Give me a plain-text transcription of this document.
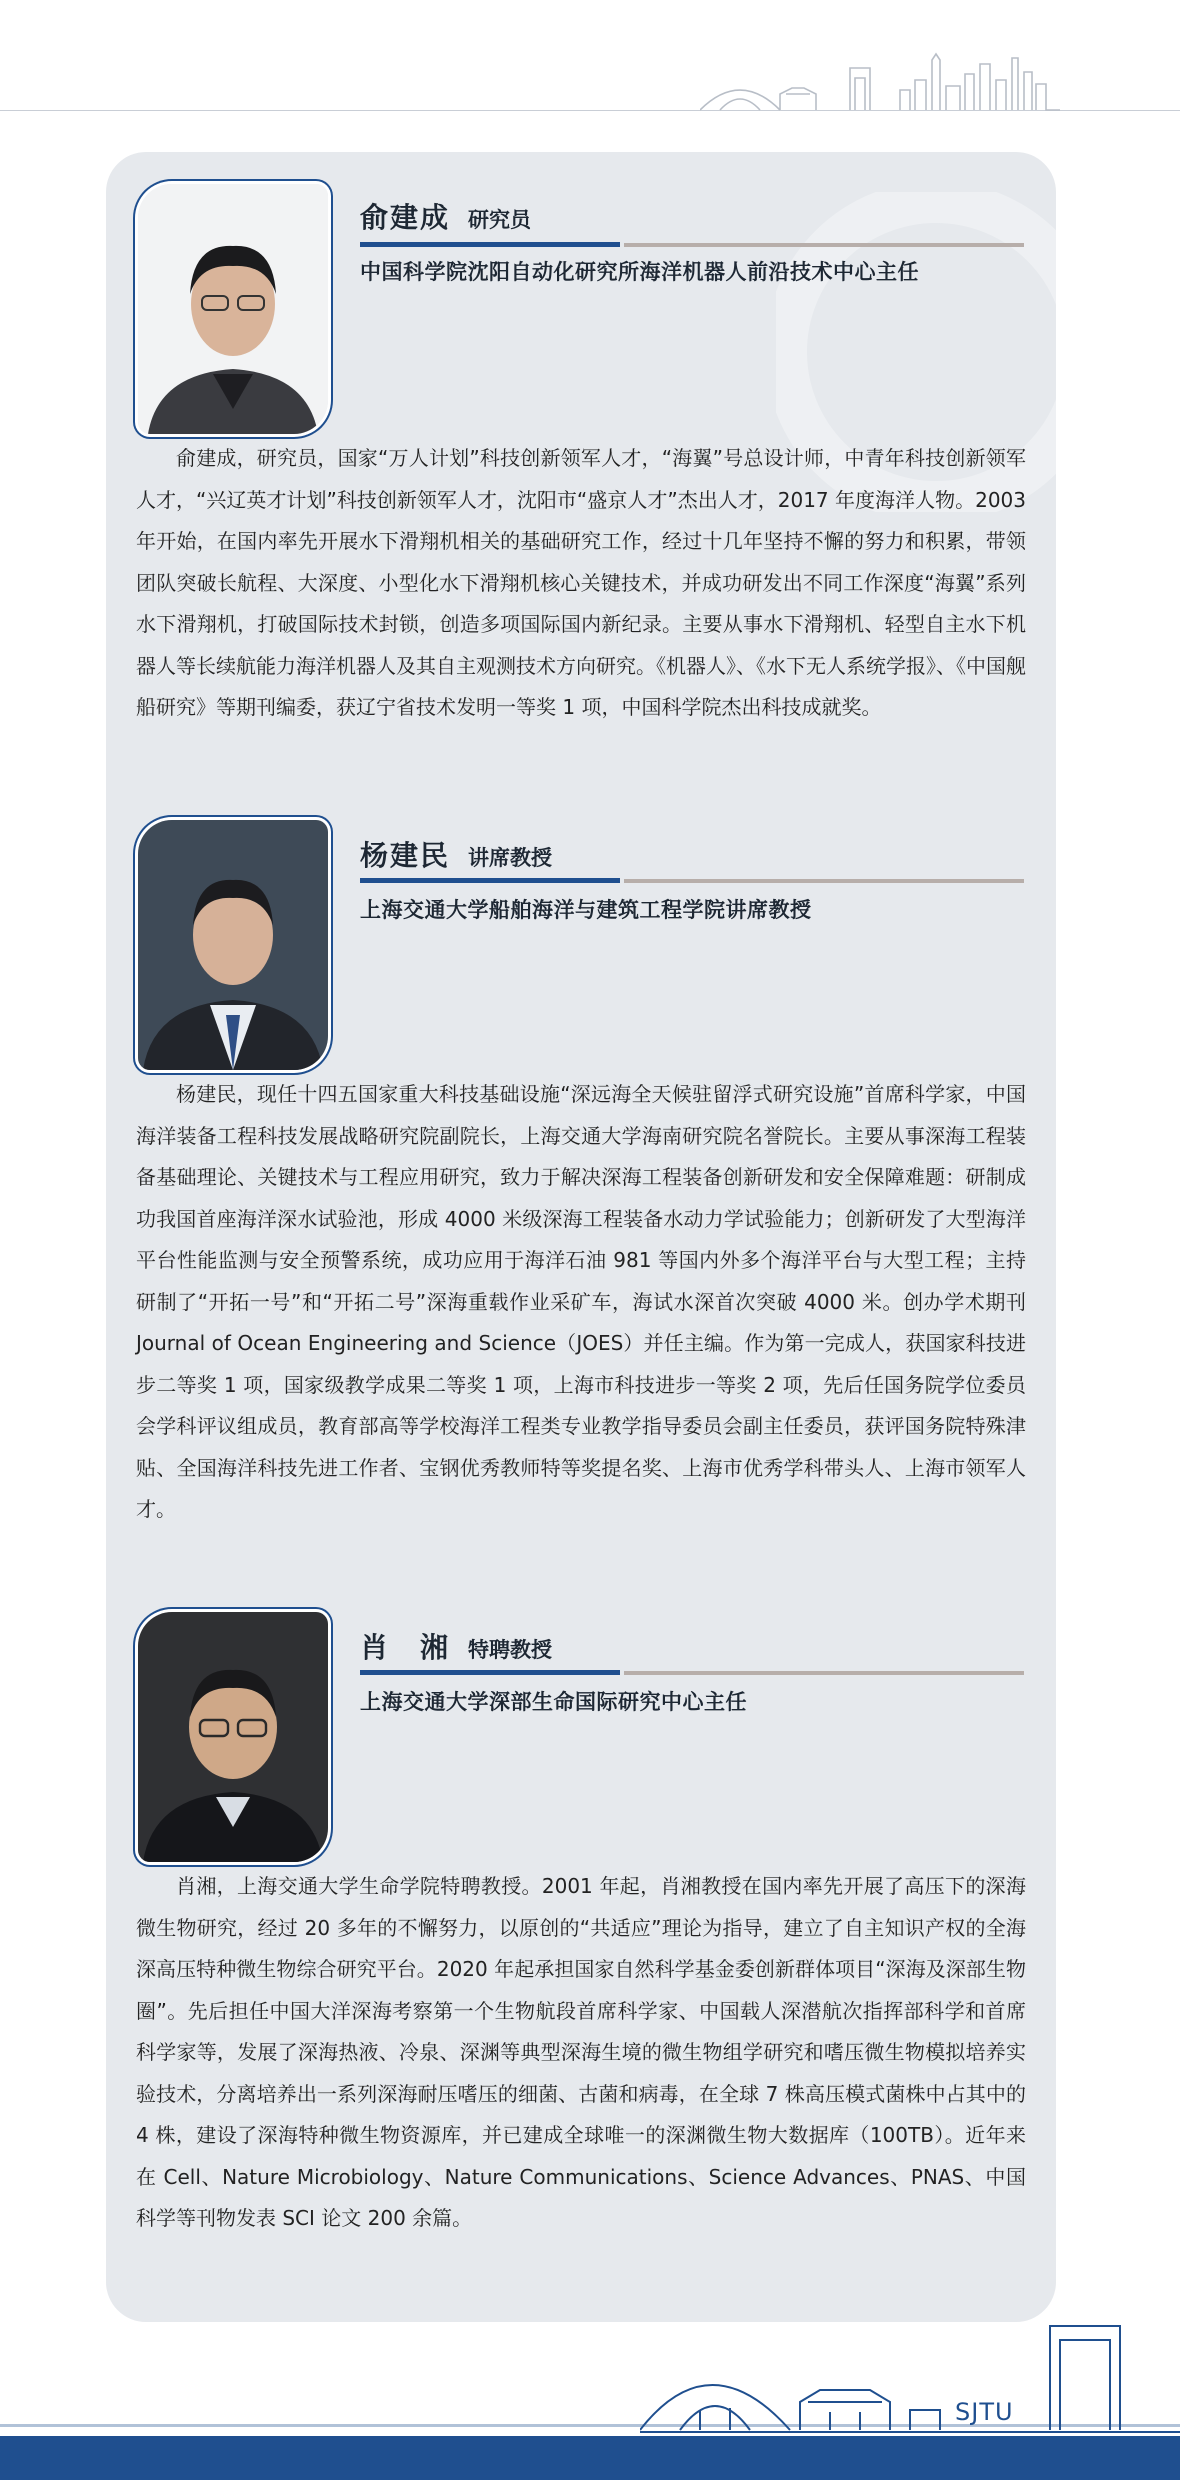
俞建成 研究员
中国科学院沈阳自动化研究所海洋机器人前沿技术中心主任

俞建成，研究员，国家“万人计划”科技创新领军人才，“海翼”号总设计师，中青年科技创新领军人才，“兴辽英才计划”科技创新领军人才，沈阳市“盛京人才”杰出人才，2017 年度海洋人物。2003 年开始，在国内率先开展水下滑翔机相关的基础研究工作，经过十几年坚持不懈的努力和积累，带领团队突破长航程、大深度、小型化水下滑翔机核心关键技术，并成功研发出不同工作深度“海翼”系列水下滑翔机，打破国际技术封锁，创造多项国际国内新纪录。主要从事水下滑翔机、轻型自主水下机器人等长续航能力海洋机器人及其自主观测技术方向研究。《机器人》、《水下无人系统学报》、《中国舰船研究》等期刊编委，获辽宁省技术发明一等奖 1 项，中国科学院杰出科技成就奖。

杨建民 讲席教授
上海交通大学船舶海洋与建筑工程学院讲席教授

杨建民，现任十四五国家重大科技基础设施“深远海全天候驻留浮式研究设施”首席科学家，中国海洋装备工程科技发展战略研究院副院长，上海交通大学海南研究院名誉院长。主要从事深海工程装备基础理论、关键技术与工程应用研究，致力于解决深海工程装备创新研发和安全保障难题：研制成功我国首座海洋深水试验池，形成 4000 米级深海工程装备水动力学试验能力；创新研发了大型海洋平台性能监测与安全预警系统，成功应用于海洋石油 981 等国内外多个海洋平台与大型工程；主持研制了“开拓一号”和“开拓二号”深海重载作业采矿车，海试水深首次突破 4000 米。创办学术期刊 Journal of Ocean Engineering and Science（JOES）并任主编。作为第一完成人，获国家科技进步二等奖 1 项，国家级教学成果二等奖 1 项，上海市科技进步一等奖 2 项，先后任国务院学位委员会学科评议组成员，教育部高等学校海洋工程类专业教学指导委员会副主任委员，获评国务院特殊津贴、全国海洋科技先进工作者、宝钢优秀教师特等奖提名奖、上海市优秀学科带头人、上海市领军人才。

肖　湘 特聘教授
上海交通大学深部生命国际研究中心主任

肖湘，上海交通大学生命学院特聘教授。2001 年起，肖湘教授在国内率先开展了高压下的深海微生物研究，经过 20 多年的不懈努力，以原创的“共适应”理论为指导，建立了自主知识产权的全海深高压特种微生物综合研究平台。2020 年起承担国家自然科学基金委创新群体项目“深海及深部生物圈”。先后担任中国大洋深海考察第一个生物航段首席科学家、中国载人深潜航次指挥部科学和首席科学家等，发展了深海热液、冷泉、深渊等典型深海生境的微生物组学研究和嗜压微生物模拟培养实验技术，分离培养出一系列深海耐压嗜压的细菌、古菌和病毒，在全球 7 株高压模式菌株中占其中的 4 株，建设了深海特种微生物资源库，并已建成全球唯一的深渊微生物大数据库（100TB）。近年来在 Cell、Nature Microbiology、Nature Communications、Science Advances、PNAS、中国科学等刊物发表 SCI 论文 200 余篇。

SJTU
